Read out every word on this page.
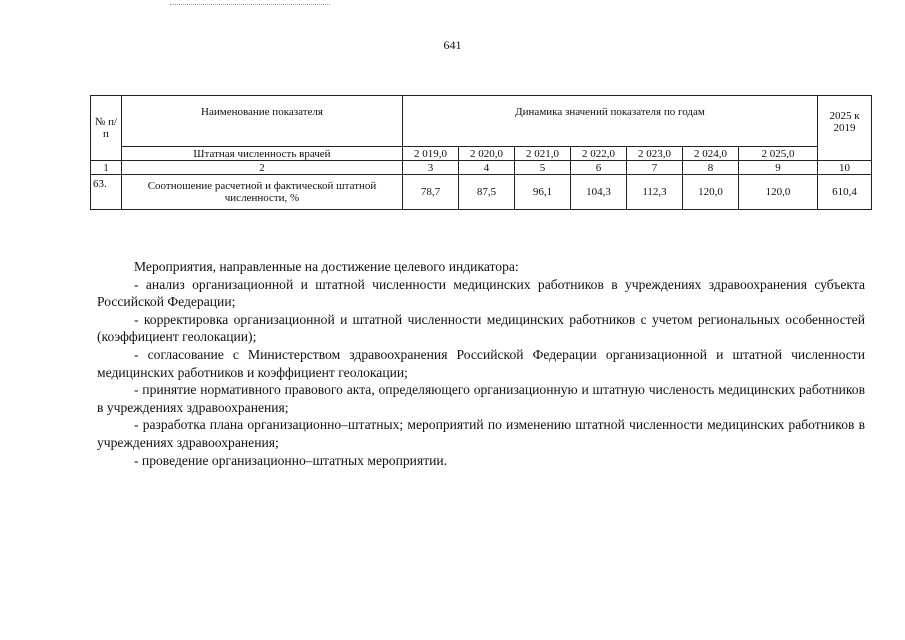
641
№ п/п	Наименование показателя	Динамика значений показателя по годам							2025 к 2019
	Штатная численность врачей	2 019,0	2 020,0	2 021,0	2 022,0	2 023,0	2 024,0	2 025,0	
1	2	3	4	5	6	7	8	9	10
63.	Соотношение расчетной и фактической штатной численности, %	78,7	87,5	96,1	104,3	112,3	120,0	120,0	610,4

Мероприятия, направленные на достижение целевого индикатора:

- анализ организационной и штатной численности медицинских работников в учреждениях здравоохранения субъекта Российской Федерации;

- корректировка организационной и штатной численности медицинских работников с учетом региональных особенностей (коэффициент геолокации);

- согласование с Министерством здравоохранения Российской Федерации организационной и штатной численности медицинских работников и коэффициент геолокации;

- принятие нормативного правового акта, определяющего организационную и штатную численость медицинских работников в учреждениях здравоохранения;

- разработка плана организационно–штатных; мероприятий по изменению штатной численности медицинских работников в учреждениях здравоохранения;

- проведение организационно–штатных мероприятии.
